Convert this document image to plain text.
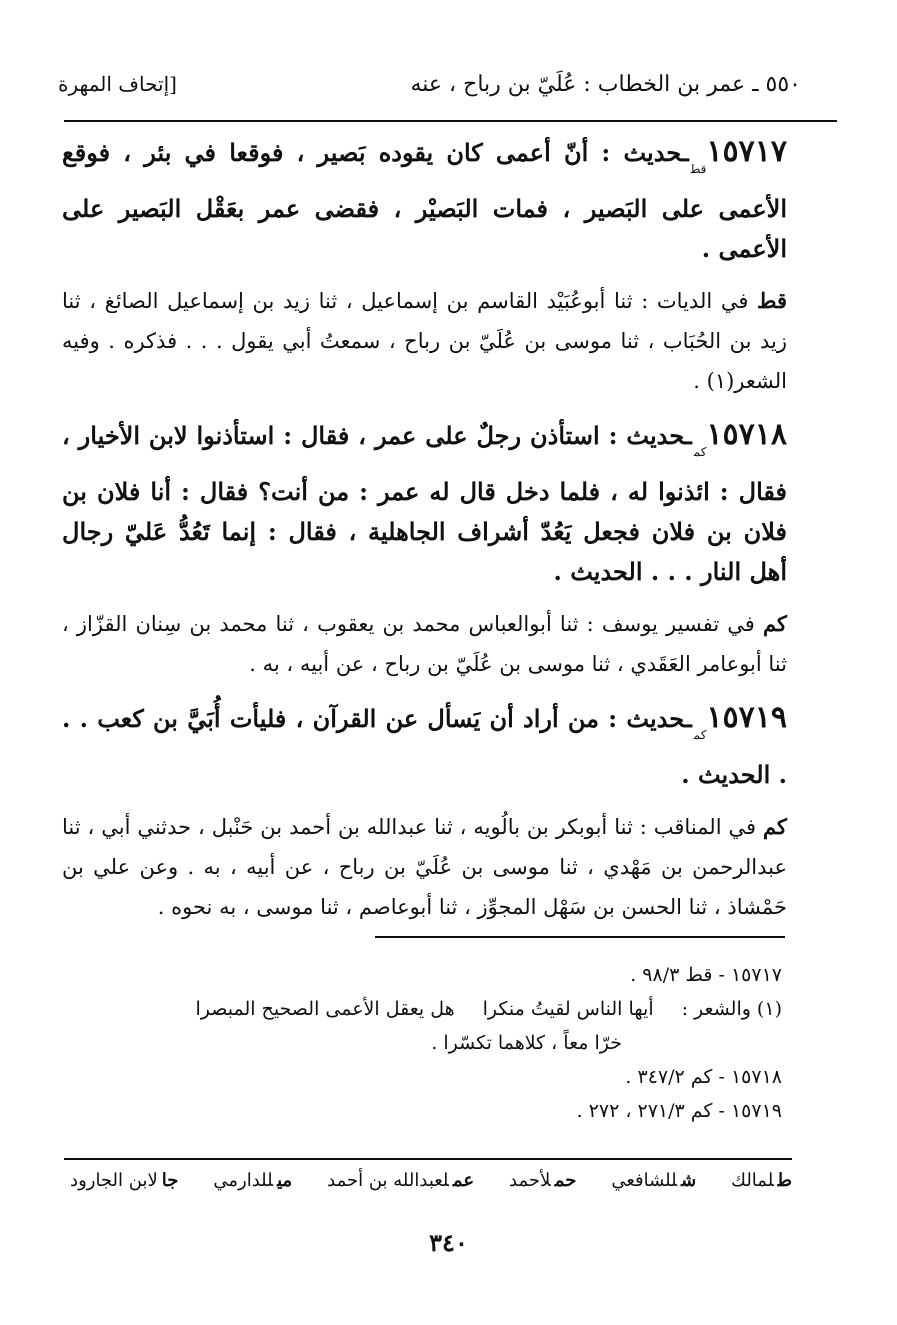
٥٥٠ ـ عمر بن الخطاب : عُلَيّ بن رباح ، عنه
[إتحاف المهرة

$١٥٧١٧_{قط}ـحديث$ : أنّ أعمى كان يقوده بَصير ، فوقعا في بئر ، فوقع الأعمى على البَصير ، فمات البَصيْر ، فقضى عمر بعَقْل البَصير على الأعمى .

قط في الديات : ثنا أبوعُبَيْد القاسم بن إسماعيل ، ثنا زيد بن إسماعيل الصائغ ، ثنا زيد بن الحُبَاب ، ثنا موسى بن عُلَيّ بن رباح ، سمعتُ أبي يقول . . . فذكره . وفيه الشعر(١) .

$١٥٧١٨_{كم}ـحديث$ : استأذن رجلٌ على عمر ، فقال : استأذنوا لابن الأخيار ، فقال : ائذنوا له ، فلما دخل قال له عمر : من أنت؟ فقال : أنا فلان بن فلان بن فلان فجعل يَعُدّ أشراف الجاهلية ، فقال : إنما تَعُدُّ عَليّ رجال أهل النار . . . الحديث .

كم في تفسير يوسف : ثنا أبوالعباس محمد بن يعقوب ، ثنا محمد بن سِنان القزّاز ، ثنا أبوعامر العَقَدي ، ثنا موسى بن عُلَيّ بن رباح ، عن أبيه ، به .

$١٥٧١٩_{كم}ـحديث$ : من أراد أن يَسأل عن القرآن ، فليأت أُبَيَّ بن كعب . . . الحديث .

كم في المناقب : ثنا أبوبكر بن بالُويه ، ثنا عبدالله بن أحمد بن حَنْبل ، حدثني أبي ، ثنا عبدالرحمن بن مَهْدي ، ثنا موسى بن عُلَيّ بن رباح ، عن أبيه ، به . وعن علي بن حَمْشاذ ، ثنا الحسن بن سَهْل المجوِّز ، ثنا أبوعاصم ، ثنا موسى ، به نحوه .

١٥٧١٧ - قط ٩٨/٣ .

(١) والشعر :
أيها الناس لقيتُ منكرا
هل يعقل الأعمى الصحيح المبصرا

خرّا معاً ، كلاهما تكسّرا .

١٥٧١٨ - كم ٣٤٧/٢ .

١٥٧١٩ - كم ٢٧١/٣ ، ٢٧٢ .

طلمالك
شللشافعي
حملأحمد
عملعبدالله بن أحمد
ميللدارمي
جالابن الجارود
٣٤٠
